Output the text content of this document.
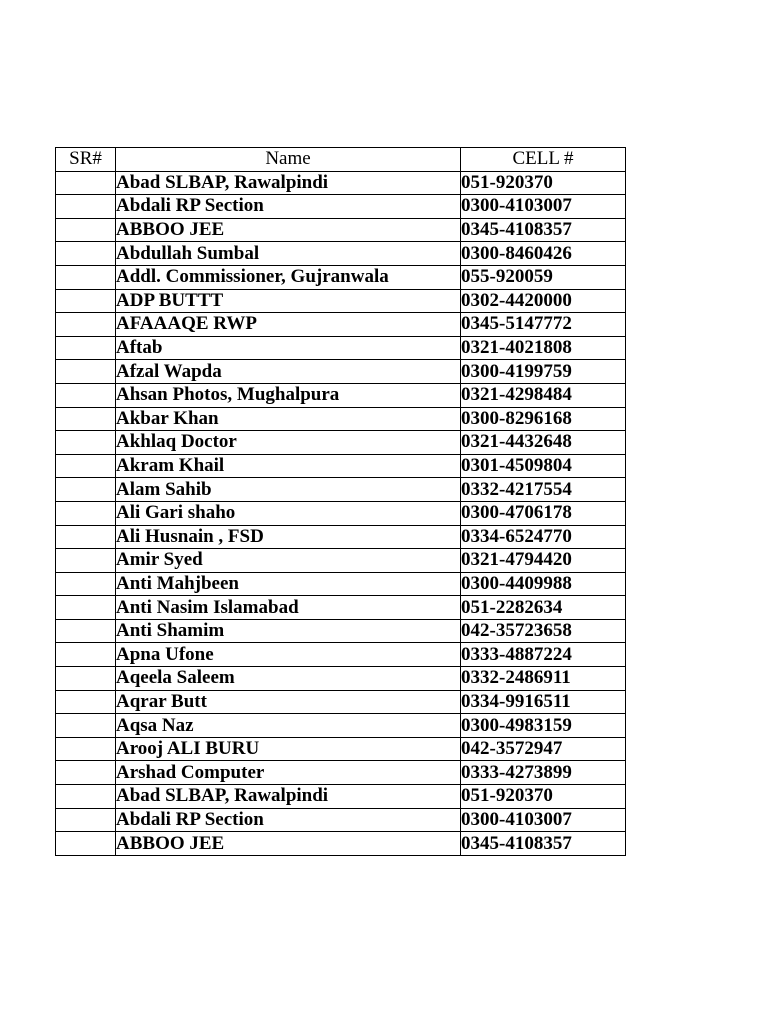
SR#	Name	CELL #
	Abad SLBAP, Rawalpindi	051-920370
	Abdali RP Section	0300-4103007
	ABBOO JEE	0345-4108357
	Abdullah Sumbal	0300-8460426
	Addl. Commissioner, Gujranwala	055-920059
	ADP BUTTT	0302-4420000
	AFAAAQE RWP	0345-5147772
	Aftab	0321-4021808
	Afzal Wapda	0300-4199759
	Ahsan Photos, Mughalpura	0321-4298484
	Akbar Khan	0300-8296168
	Akhlaq Doctor	0321-4432648
	Akram Khail	0301-4509804
	Alam Sahib	0332-4217554
	Ali Gari shaho	0300-4706178
	Ali Husnain , FSD	0334-6524770
	Amir Syed	0321-4794420
	Anti Mahjbeen	0300-4409988
	Anti Nasim Islamabad	051-2282634
	Anti Shamim	042-35723658
	Apna Ufone	0333-4887224
	Aqeela Saleem	0332-2486911
	Aqrar Butt	0334-9916511
	Aqsa Naz	0300-4983159
	Arooj ALI BURU	042-3572947
	Arshad Computer	0333-4273899
	Abad SLBAP, Rawalpindi	051-920370
	Abdali RP Section	0300-4103007
	ABBOO JEE	0345-4108357
